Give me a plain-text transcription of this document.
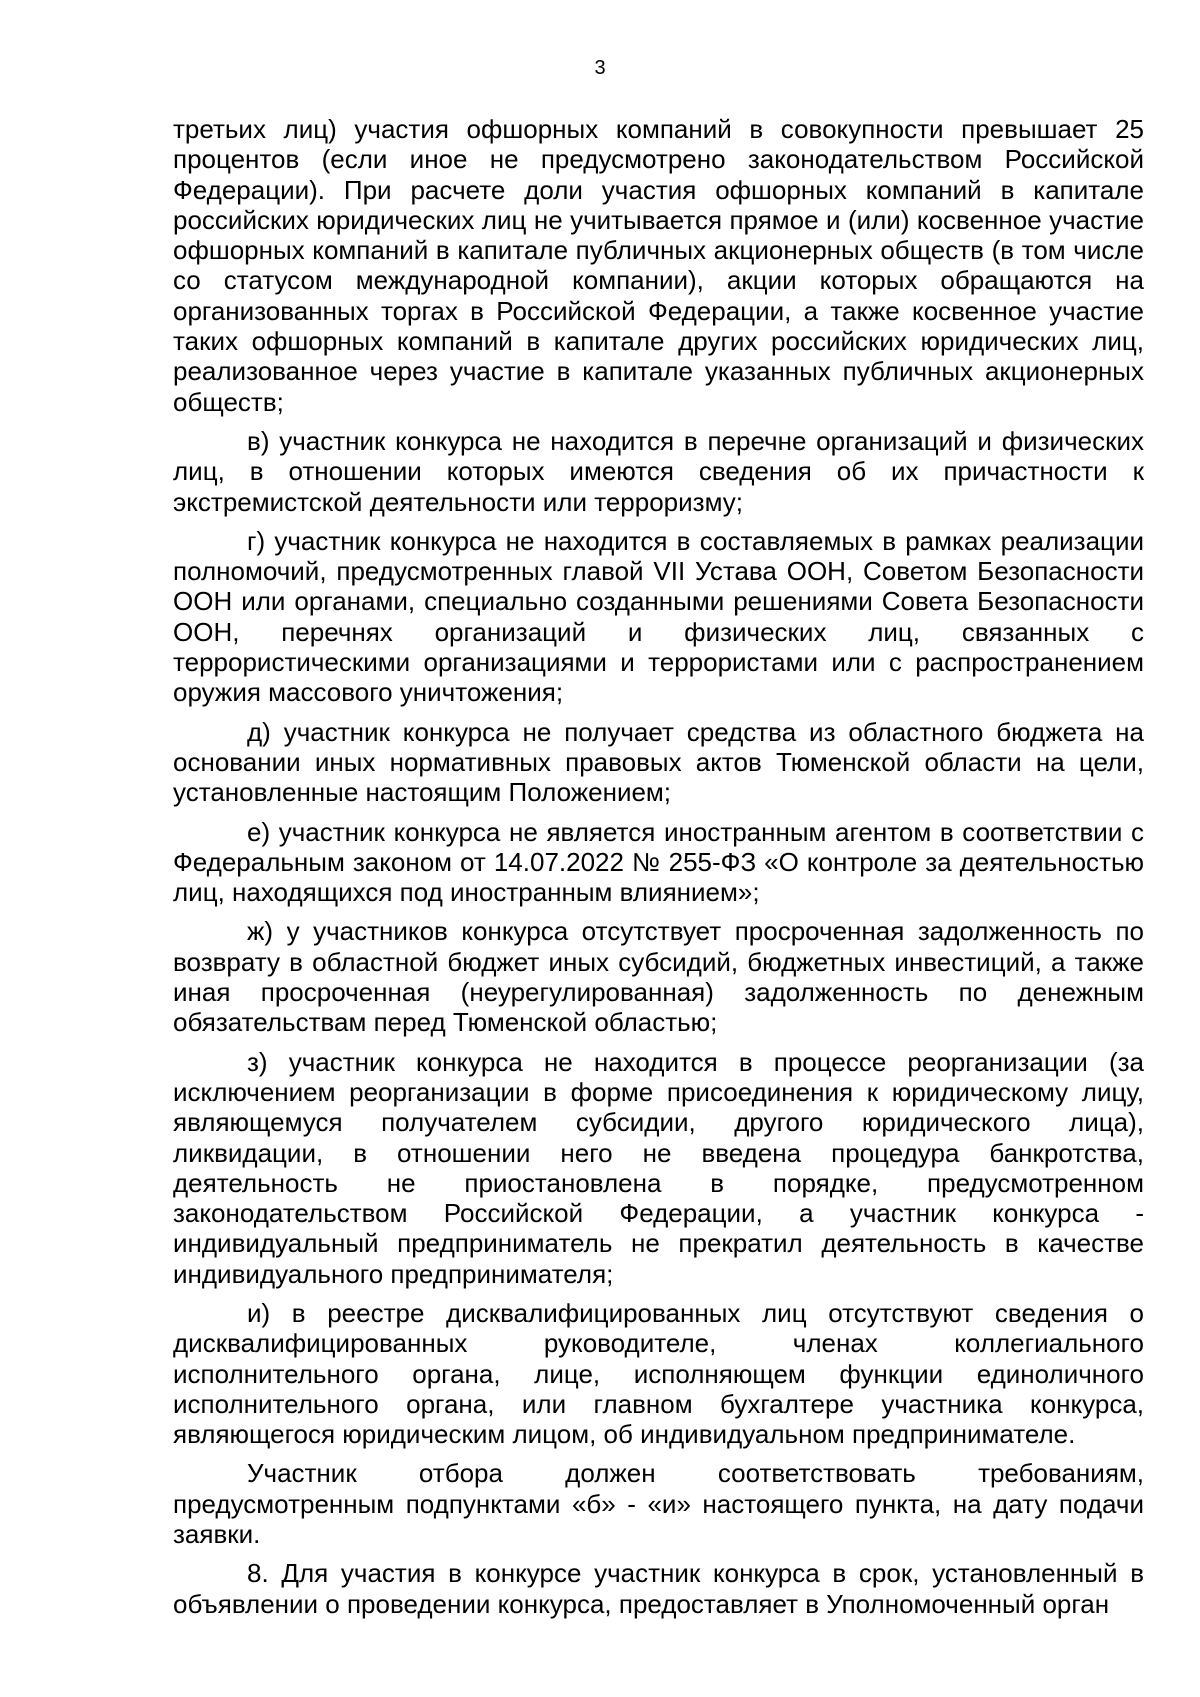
3

третьих лиц) участия офшорных компаний в совокупности превышает 25 процентов (если иное не предусмотрено законодательством Российской Федерации). При расчете доли участия офшорных компаний в капитале российских юридических лиц не учитывается прямое и (или) косвенное участие офшорных компаний в капитале публичных акционерных обществ (в том числе со статусом международной компании), акции которых обращаются на организованных торгах в Российской Федерации, а также косвенное участие таких офшорных компаний в капитале других российских юридических лиц, реализованное через участие в капитале указанных публичных акционерных обществ;

в) участник конкурса не находится в перечне организаций и физических лиц, в отношении которых имеются сведения об их причастности к экстремистской деятельности или терроризму;

г) участник конкурса не находится в составляемых в рамках реализации полномочий, предусмотренных главой VII Устава ООН, Советом Безопасности ООН или органами, специально созданными решениями Совета Безопасности ООН, перечнях организаций и физических лиц, связанных с террористическими организациями и террористами или с распространением оружия массового уничтожения;

д) участник конкурса не получает средства из областного бюджета на основании иных нормативных правовых актов Тюменской области на цели, установленные настоящим Положением;

е) участник конкурса не является иностранным агентом в соответствии с Федеральным законом от 14.07.2022 № 255-ФЗ «О контроле за деятельностью лиц, находящихся под иностранным влиянием»;

ж) у участников конкурса отсутствует просроченная задолженность по возврату в областной бюджет иных субсидий, бюджетных инвестиций, а также иная просроченная (неурегулированная) задолженность по денежным обязательствам перед Тюменской областью;

з) участник конкурса не находится в процессе реорганизации (за исключением реорганизации в форме присоединения к юридическому лицу, являющемуся получателем субсидии, другого юридического лица), ликвидации, в отношении него не введена процедура банкротства, деятельность не приостановлена в порядке, предусмотренном законодательством Российской Федерации, а участник конкурса - индивидуальный предприниматель не прекратил деятельность в качестве индивидуального предпринимателя;

и) в реестре дисквалифицированных лиц отсутствуют сведения о дисквалифицированных руководителе, членах коллегиального исполнительного органа, лице, исполняющем функции единоличного исполнительного органа, или главном бухгалтере участника конкурса, являющегося юридическим лицом, об индивидуальном предпринимателе.

Участник отбора должен соответствовать требованиям, предусмотренным подпунктами «б» - «и» настоящего пункта, на дату подачи заявки.

8. Для участия в конкурсе участник конкурса в срок, установленный в объявлении о проведении конкурса, предоставляет в Уполномоченный орган
